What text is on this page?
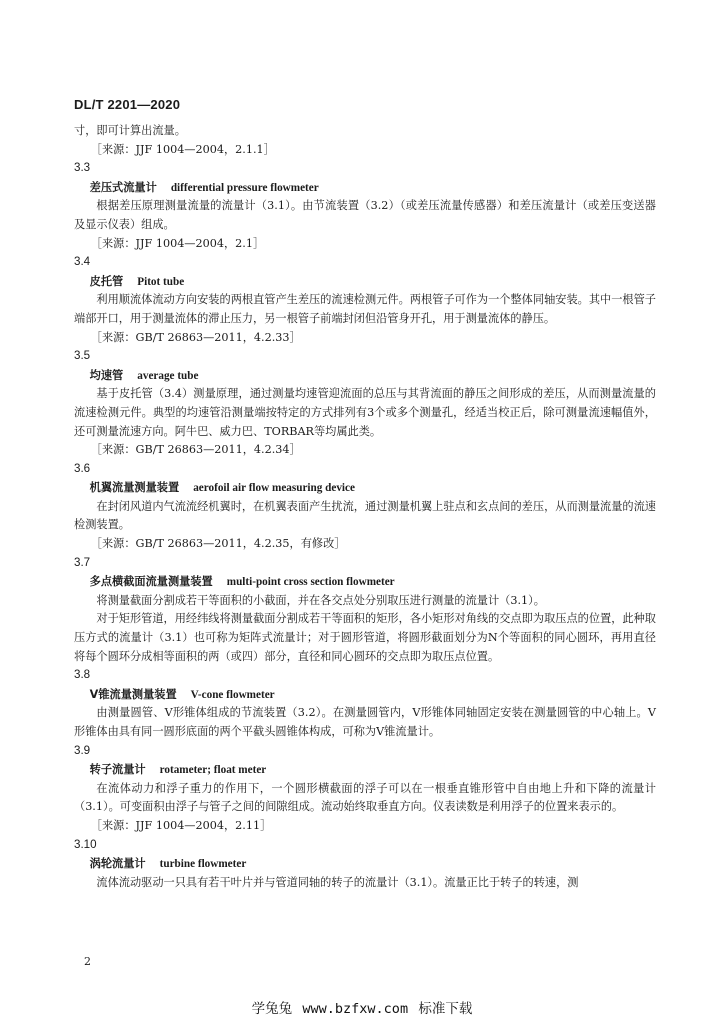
DL/T 2201—2020

寸，即可计算出流量。

［来源：JJF 1004—2004，2.1.1］

3.3

差压式流量计 differential pressure flowmeter

根据差压原理测量流量的流量计（3.1）。由节流装置（3.2）（或差压流量传感器）和差压流量计（或差压变送器及显示仪表）组成。

［来源：JJF 1004—2004，2.1］

3.4

皮托管 Pitot tube

利用顺流体流动方向安装的两根直管产生差压的流速检测元件。两根管子可作为一个整体同轴安装。其中一根管子端部开口，用于测量流体的滞止压力，另一根管子前端封闭但沿管身开孔，用于测量流体的静压。

［来源：GB/T 26863—2011，4.2.33］

3.5

均速管 average tube

基于皮托管（3.4）测量原理，通过测量均速管迎流面的总压与其背流面的静压之间形成的差压，从而测量流量的流速检测元件。典型的均速管沿测量端按特定的方式排列有3个或多个测量孔，经适当校正后，除可测量流速幅值外，还可测量流速方向。阿牛巴、威力巴、TORBAR等均属此类。

［来源：GB/T 26863—2011，4.2.34］

3.6

机翼流量测量装置 aerofoil air flow measuring device

在封闭风道内气流流经机翼时，在机翼表面产生扰流，通过测量机翼上驻点和玄点间的差压，从而测量流量的流速检测装置。

［来源：GB/T 26863—2011，4.2.35，有修改］

3.7

多点横截面流量测量装置 multi-point cross section flowmeter

将测量截面分割成若干等面积的小截面，并在各交点处分别取压进行测量的流量计（3.1）。

对于矩形管道，用经纬线将测量截面分割成若干等面积的矩形，各小矩形对角线的交点即为取压点的位置，此种取压方式的流量计（3.1）也可称为矩阵式流量计；对于圆形管道，将圆形截面划分为N个等面积的同心圆环，再用直径将每个圆环分成相等面积的两（或四）部分，直径和同心圆环的交点即为取压点位置。

3.8

V锥流量测量装置 V-cone flowmeter

由测量圆管、V形锥体组成的节流装置（3.2）。在测量圆管内，V形锥体同轴固定安装在测量圆管的中心轴上。V形锥体由具有同一圆形底面的两个平截头圆锥体构成，可称为V锥流量计。

3.9

转子流量计 rotameter; float meter

在流体动力和浮子重力的作用下，一个圆形横截面的浮子可以在一根垂直锥形管中自由地上升和下降的流量计（3.1）。可变面积由浮子与管子之间的间隙组成。流动始终取垂直方向。仪表读数是利用浮子的位置来表示的。

［来源：JJF 1004—2004，2.11］

3.10

涡轮流量计 turbine flowmeter

流体流动驱动一只具有若干叶片并与管道同轴的转子的流量计（3.1）。流量正比于转子的转速，测

2
学兔兔 www.bzfxw.com 标准下载
